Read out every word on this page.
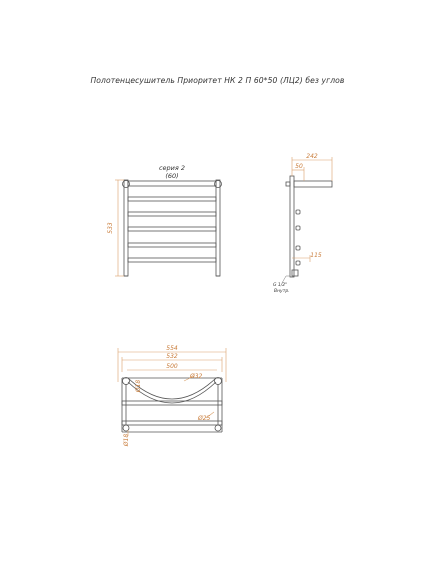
Полотенцесушитель Приоритет НК 2 П 60*50 (ЛЦ2) без углов
серия 2
(60)
533
242
50
115
G 1/2"
Внутр.
554
532
500
Ø32
Ø18
Ø25
Ø18
